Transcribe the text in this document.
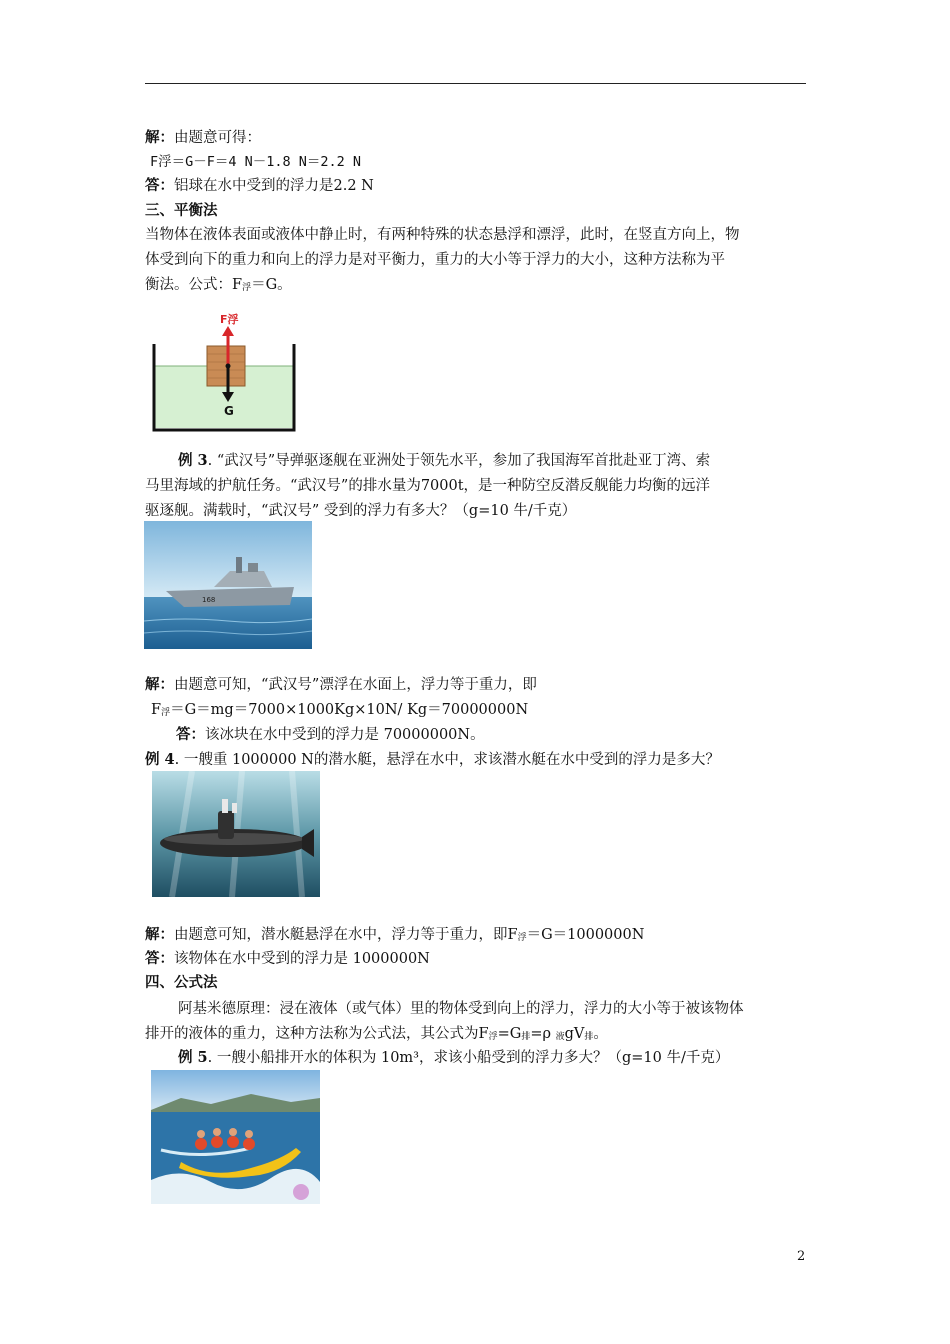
解：由题意可得：
F浮＝G－F＝4 N－1.8 N＝2.2 N
答：铝球在水中受到的浮力是2.2 N
三、平衡法
当物体在液体表面或液体中静止时，有两种特殊的状态悬浮和漂浮，此时，在竖直方向上，物
体受到向下的重力和向上的浮力是对平衡力，重力的大小等于浮力的大小，这种方法称为平
衡法。公式：F浮＝G。
F浮
G
例 3. “武汉号”导弹驱逐舰在亚洲处于领先水平，参加了我国海军首批赴亚丁湾、索
马里海域的护航任务。“武汉号”的排水量为7000t，是一种防空反潜反舰能力均衡的远洋
驱逐舰。满载时，“武汉号” 受到的浮力有多大？（g=10 牛/千克）
168
解：由题意可知，“武汉号”漂浮在水面上，浮力等于重力，即
F浮＝G＝mg＝7000×1000Kg×10N/ Kg＝70000000N
答：该冰块在水中受到的浮力是 70000000N。
例 4. 一艘重 1000000 N的潜水艇，悬浮在水中，求该潜水艇在水中受到的浮力是多大？
解：由题意可知，潜水艇悬浮在水中，浮力等于重力，即F浮＝G＝1000000N
答：该物体在水中受到的浮力是 1000000N
四、公式法
阿基米德原理：浸在液体（或气体）里的物体受到向上的浮力，浮力的大小等于被该物体
排开的液体的重力，这种方法称为公式法，其公式为F浮=G排=ρ 液gV排。
例 5. 一艘小船排开水的体积为 10m³，求该小船受到的浮力多大？（g=10 牛/千克）
2
